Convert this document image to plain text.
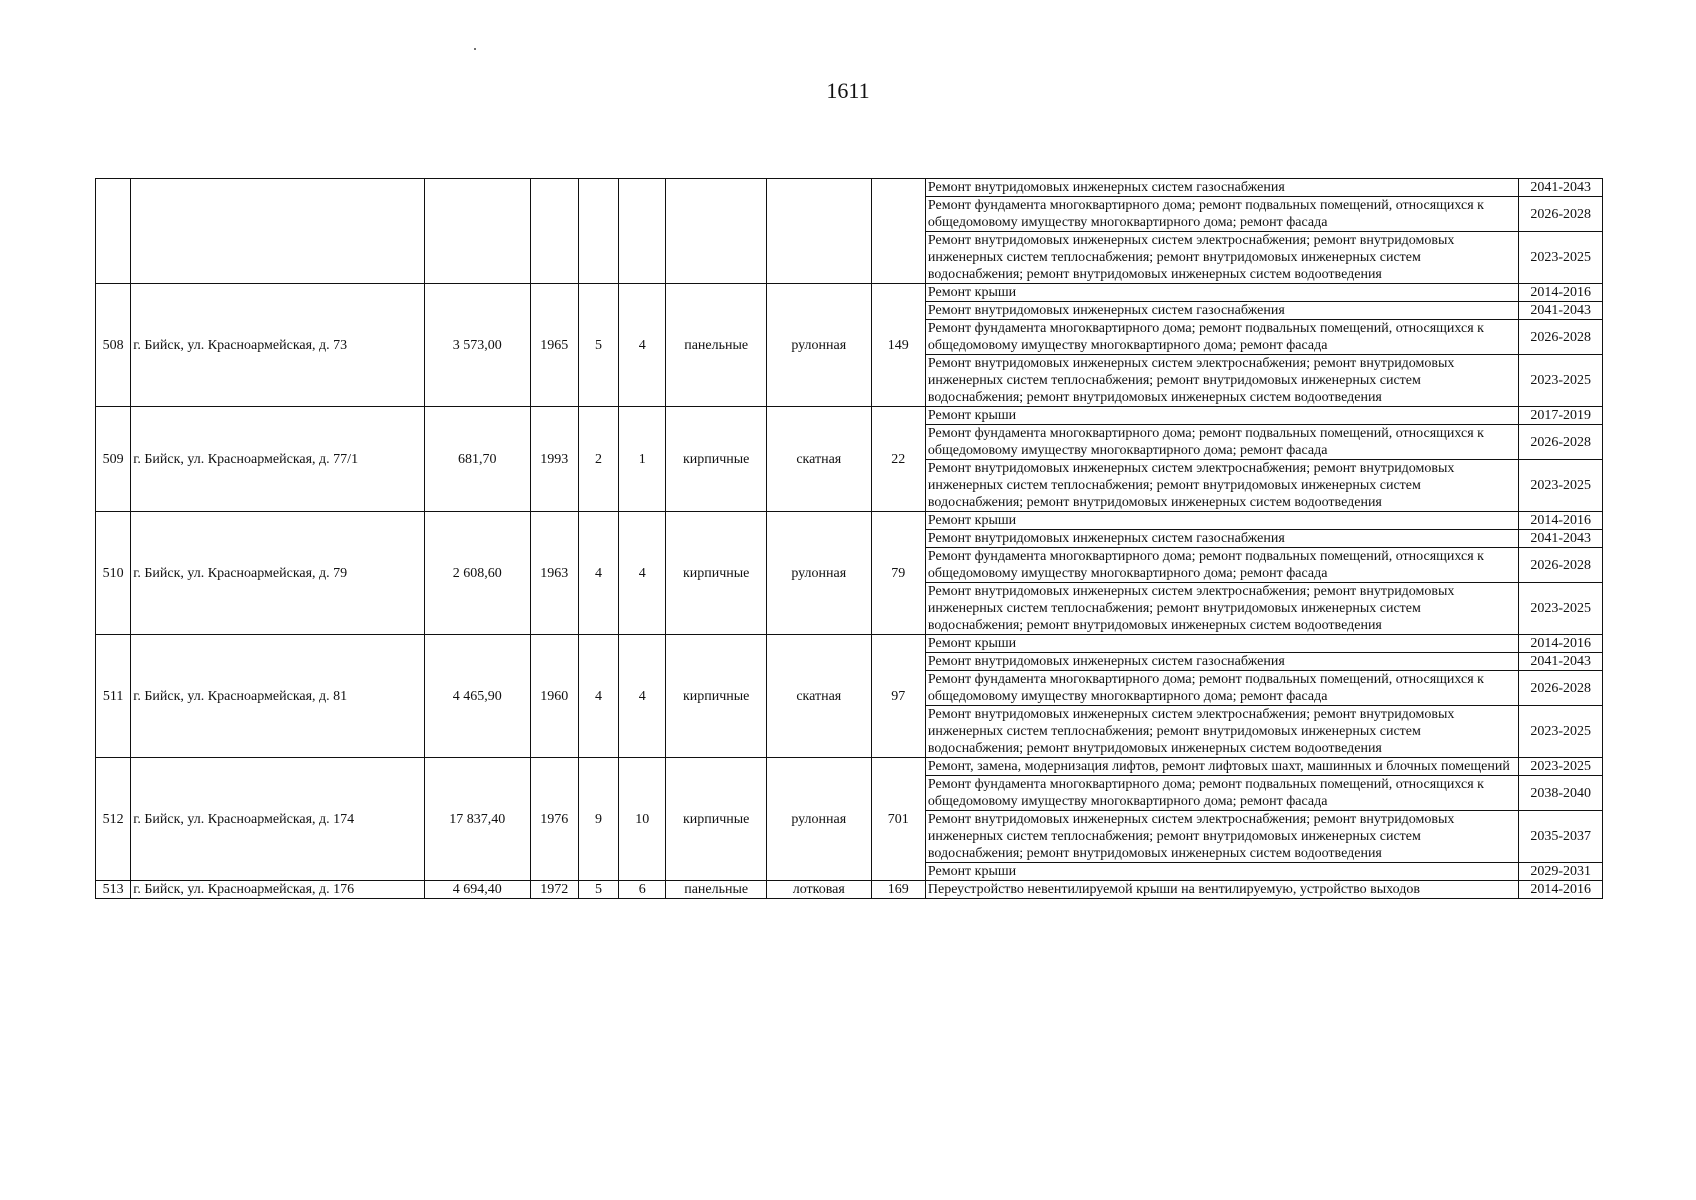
1611
									Ремонт внутридомовых инженерных систем газоснабжения	2041-2043
									Ремонт фундамента многоквартирного дома; ремонт подвальных помещений, относящихся к общедомовому имуществу многоквартирного дома; ремонт фасада	2026-2028
									Ремонт внутридомовых инженерных систем электроснабжения; ремонт внутридомовых инженерных систем теплоснабжения; ремонт внутридомовых инженерных систем водоснабжения; ремонт внутридомовых инженерных систем водоотведения	2023-2025
508	г. Бийск, ул. Красноармейская, д. 73	3 573,00	1965	5	4	панельные	рулонная	149	Ремонт крыши	2014-2016
									Ремонт внутридомовых инженерных систем газоснабжения	2041-2043
									Ремонт фундамента многоквартирного дома; ремонт подвальных помещений, относящихся к общедомовому имуществу многоквартирного дома; ремонт фасада	2026-2028
									Ремонт внутридомовых инженерных систем электроснабжения; ремонт внутридомовых инженерных систем теплоснабжения; ремонт внутридомовых инженерных систем водоснабжения; ремонт внутридомовых инженерных систем водоотведения	2023-2025
509	г. Бийск, ул. Красноармейская, д. 77/1	681,70	1993	2	1	кирпичные	скатная	22	Ремонт крыши	2017-2019
									Ремонт фундамента многоквартирного дома; ремонт подвальных помещений, относящихся к общедомовому имуществу многоквартирного дома; ремонт фасада	2026-2028
									Ремонт внутридомовых инженерных систем электроснабжения; ремонт внутридомовых инженерных систем теплоснабжения; ремонт внутридомовых инженерных систем водоснабжения; ремонт внутридомовых инженерных систем водоотведения	2023-2025
510	г. Бийск, ул. Красноармейская, д. 79	2 608,60	1963	4	4	кирпичные	рулонная	79	Ремонт крыши	2014-2016
									Ремонт внутридомовых инженерных систем газоснабжения	2041-2043
									Ремонт фундамента многоквартирного дома; ремонт подвальных помещений, относящихся к общедомовому имуществу многоквартирного дома; ремонт фасада	2026-2028
									Ремонт внутридомовых инженерных систем электроснабжения; ремонт внутридомовых инженерных систем теплоснабжения; ремонт внутридомовых инженерных систем водоснабжения; ремонт внутридомовых инженерных систем водоотведения	2023-2025
511	г. Бийск, ул. Красноармейская, д. 81	4 465,90	1960	4	4	кирпичные	скатная	97	Ремонт крыши	2014-2016
									Ремонт внутридомовых инженерных систем газоснабжения	2041-2043
									Ремонт фундамента многоквартирного дома; ремонт подвальных помещений, относящихся к общедомовому имуществу многоквартирного дома; ремонт фасада	2026-2028
									Ремонт внутридомовых инженерных систем электроснабжения; ремонт внутридомовых инженерных систем теплоснабжения; ремонт внутридомовых инженерных систем водоснабжения; ремонт внутридомовых инженерных систем водоотведения	2023-2025
512	г. Бийск, ул. Красноармейская, д. 174	17 837,40	1976	9	10	кирпичные	рулонная	701	Ремонт, замена, модернизация лифтов, ремонт лифтовых шахт, машинных и блочных помещений	2023-2025
									Ремонт фундамента многоквартирного дома; ремонт подвальных помещений, относящихся к общедомовому имуществу многоквартирного дома; ремонт фасада	2038-2040
									Ремонт внутридомовых инженерных систем электроснабжения; ремонт внутридомовых инженерных систем теплоснабжения; ремонт внутридомовых инженерных систем водоснабжения; ремонт внутридомовых инженерных систем водоотведения	2035-2037
									Ремонт крыши	2029-2031
513	г. Бийск, ул. Красноармейская, д. 176	4 694,40	1972	5	6	панельные	лотковая	169	Переустройство невентилируемой крыши на вентилируемую, устройство выходов	2014-2016
